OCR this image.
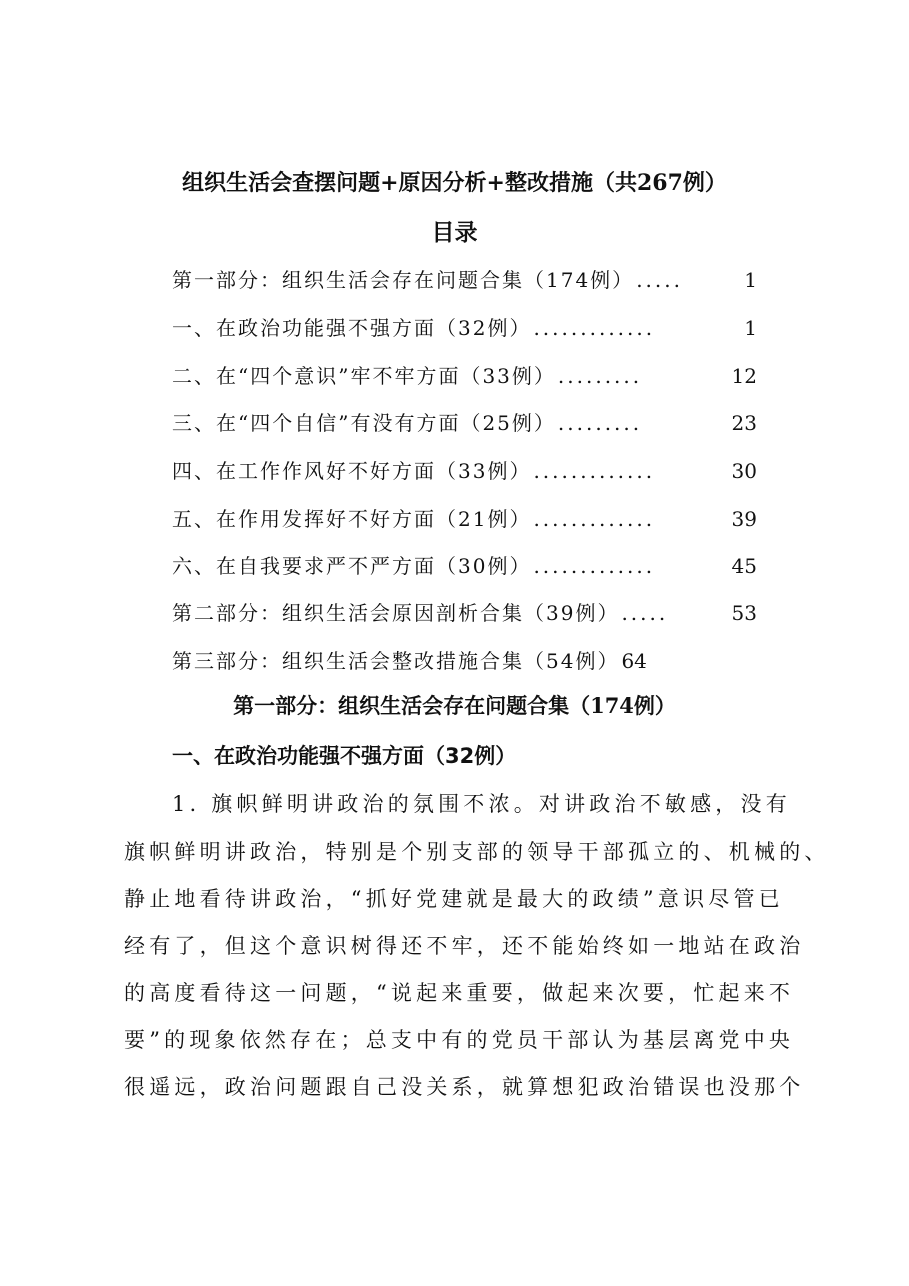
组织生活会查摆问题+原因分析+整改措施（共267例）
目录
第一部分：组织生活会存在问题合集（174例） .....	1
一、在政治功能强不强方面（32例） .............	1
二、在“四个意识”牢不牢方面（33例） .........	12
三、在“四个自信”有没有方面（25例） .........	23
四、在工作作风好不好方面（33例） .............	30
五、在作用发挥好不好方面（21例） .............	39
六、在自我要求严不严方面（30例） .............	45
第二部分：组织生活会原因剖析合集（39例） .....	53
第三部分：组织生活会整改措施合集（54例） 64
第一部分：组织生活会存在问题合集（174例）
一、在政治功能强不强方面（32例）
1. 旗帜鲜明讲政治的氛围不浓。对讲政治不敏感，没有
旗帜鲜明讲政治，特别是个别支部的领导干部孤立的、机械的、
静止地看待讲政治，“抓好党建就是最大的政绩”意识尽管已
经有了，但这个意识树得还不牢，还不能始终如一地站在政治
的高度看待这一问题，“说起来重要，做起来次要，忙起来不
要”的现象依然存在；总支中有的党员干部认为基层离党中央
很遥远，政治问题跟自己没关系，就算想犯政治错误也没那个
